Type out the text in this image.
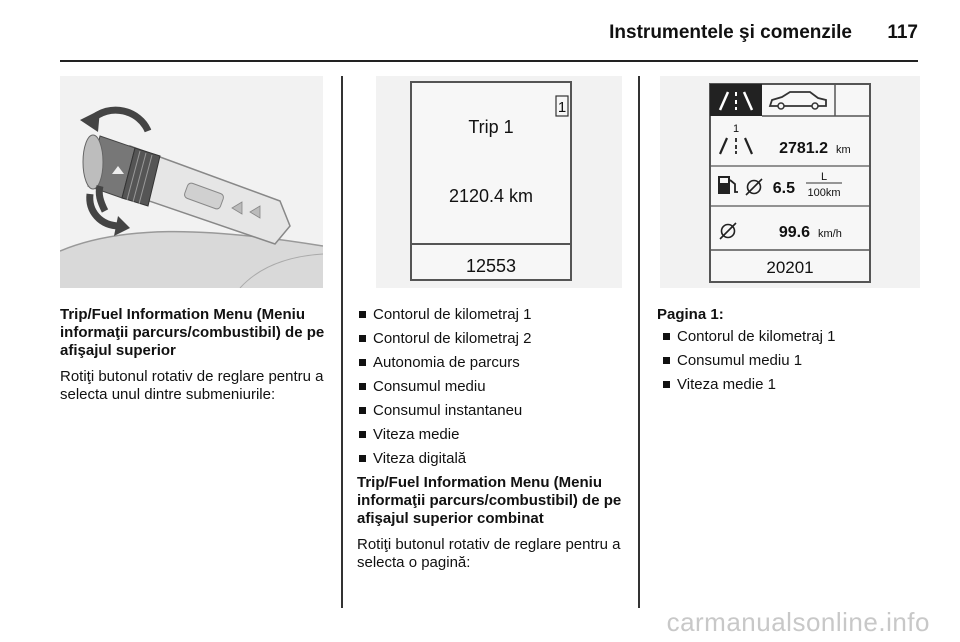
Instrumentele şi comenzile 117
1
Trip 1
2120.4 km
12553
1
2781.2 km
6.5
L
100km
99.6 km/h
20201

Trip/Fuel Information Menu (Meniu informaţii parcurs/combustibil) de pe afişajul superior

Rotiţi butonul rotativ de reglare pentru a selecta unul dintre submeniurile:

Contorul de kilometraj 1
Contorul de kilometraj 2
Autonomia de parcurs
Consumul mediu
Consumul instantaneu
Viteza medie
Viteza digitală

Trip/Fuel Information Menu (Meniu informaţii parcurs/combustibil) de pe afişajul superior combinat

Rotiţi butonul rotativ de reglare pentru a selecta o pagină:

Pagina 1:

Contorul de kilometraj 1
Consumul mediu 1
Viteza medie 1
carmanualsonline.info
